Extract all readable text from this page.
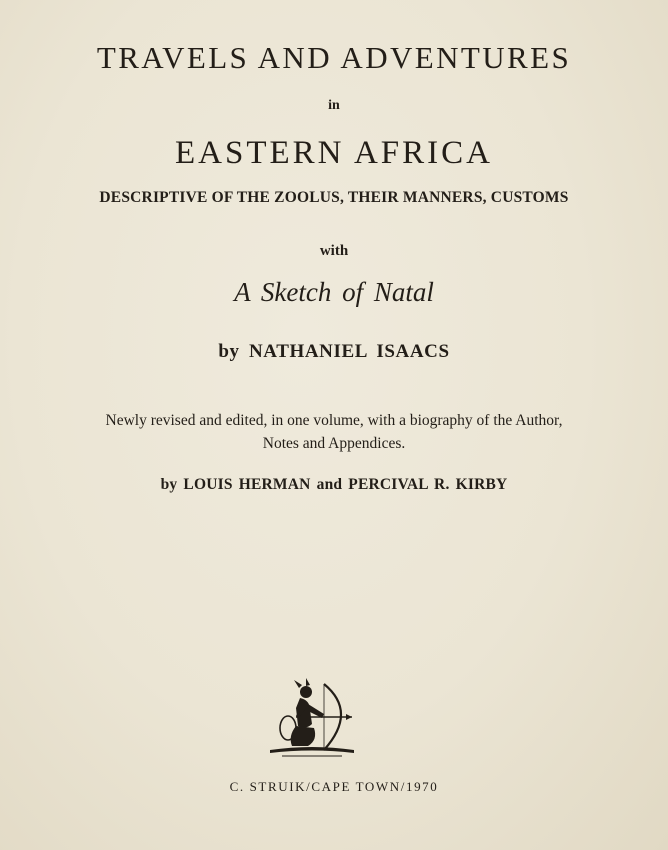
TRAVELS AND ADVENTURES
in
EASTERN AFRICA
DESCRIPTIVE OF THE ZOOLUS, THEIR MANNERS, CUSTOMS
with
A Sketch of Natal
by NATHANIEL ISAACS
Newly revised and edited, in one volume, with a biography of the Author,
Notes and Appendices.
by LOUIS HERMAN and PERCIVAL R. KIRBY
C. STRUIK/CAPE TOWN/1970
